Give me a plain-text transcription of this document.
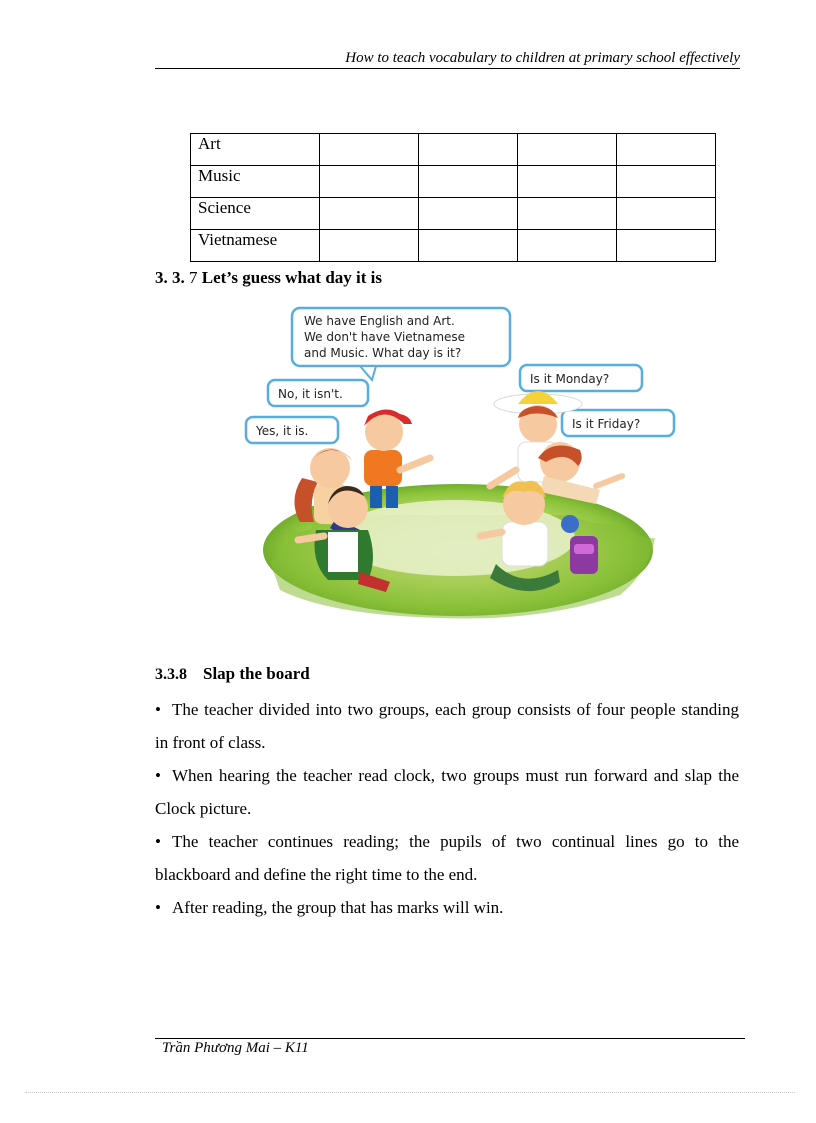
How to teach vocabulary to children at primary school effectively
Art				
Music				
Science				
Vietnamese				
3. 3. 7 Let’s guess what day it is
We have English and Art.
We don't have Vietnamese
and Music. What day is it?
No, it isn't.
Yes, it is.
Is it Monday?
Is it Friday?
3.3.8 Slap the board

• The teacher divided into two groups, each group consists of four people standing in front of class.

• When hearing the teacher read clock, two groups must run forward and slap the Clock picture.

• The teacher continues reading; the pupils of two continual lines go to the blackboard and define the right time to the end.

• After reading, the group that has marks will win.

Trần Phương Mai – K11
